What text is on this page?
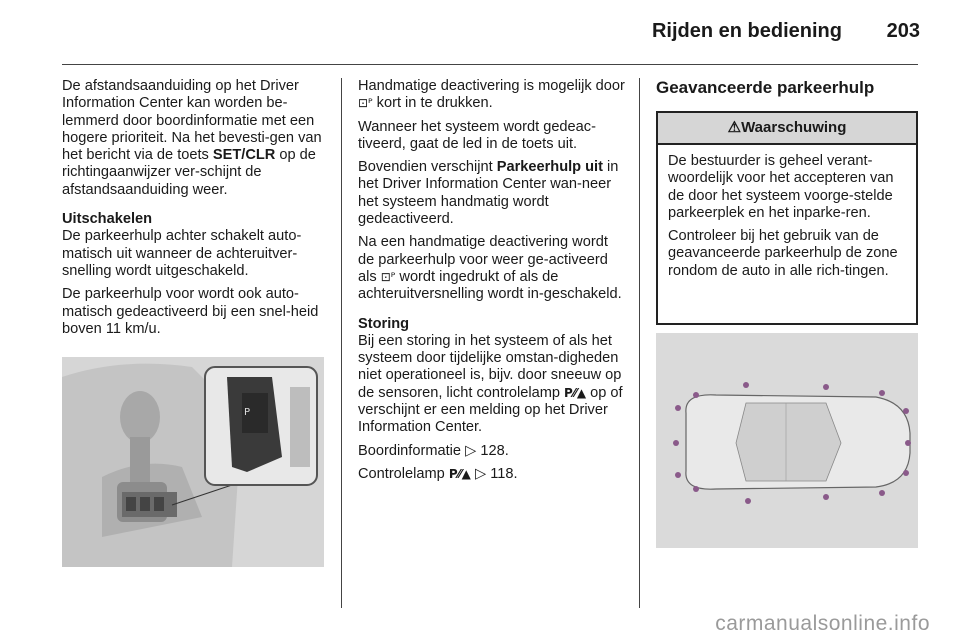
Rijden en bediening 203

De afstandsaanduiding op het Driver Information Center kan worden be-lemmerd door boordinformatie met een hogere prioriteit. Na het bevesti-gen van het bericht via de toets SET/CLR op de richtingaanwijzer ver-schijnt de afstandsaanduiding weer.

Uitschakelen

De parkeerhulp achter schakelt auto-matisch uit wanneer de achteruitver-snelling wordt uitgeschakeld.

De parkeerhulp voor wordt ook auto-matisch gedeactiveerd bij een snel-heid boven 11 km/u.

P

Handmatige deactivering is mogelijk door ⊡ᴾ kort in te drukken.

Wanneer het systeem wordt gedeac-tiveerd, gaat de led in de toets uit.

Bovendien verschijnt Parkeerhulp uit in het Driver Information Center wan-neer het systeem handmatig wordt gedeactiveerd.

Na een handmatige deactivering wordt de parkeerhulp voor weer ge-activeerd als ⊡ᴾ wordt ingedrukt of als de achteruitversnelling wordt in-geschakeld.

Storing

Bij een storing in het systeem of als het systeem door tijdelijke omstan-digheden niet operationeel is, bijv. door sneeuw op de sensoren, licht controlelamp P⁄⁄▲ op of verschijnt er een melding op het Driver Information Center.

Boordinformatie ▷ 128.

Controlelamp P⁄⁄▲ ▷ 118.

Geavanceerde parkeerhulp
⚠Waarschuwing

De bestuurder is geheel verant-woordelijk voor het accepteren van de door het systeem voorge-stelde parkeerplek en het inparke-ren.

Controleer bij het gebruik van de geavanceerde parkeerhulp de zone rondom de auto in alle rich-tingen.

carmanualsonline.info
